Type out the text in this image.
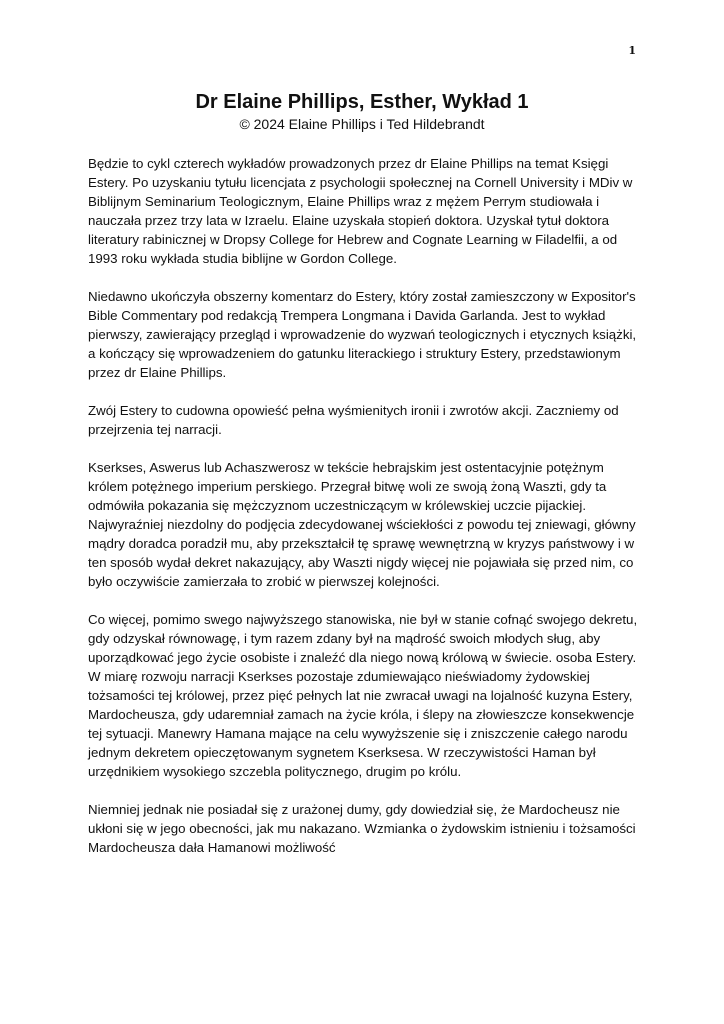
1
Dr Elaine Phillips, Esther, Wykład 1

© 2024 Elaine Phillips i Ted Hildebrandt

Będzie to cykl czterech wykładów prowadzonych przez dr Elaine Phillips na temat Księgi Estery. Po uzyskaniu tytułu licencjata z psychologii społecznej na Cornell University i MDiv w Biblijnym Seminarium Teologicznym, Elaine Phillips wraz z mężem Perrym studiowała i nauczała przez trzy lata w Izraelu. Elaine uzyskała stopień doktora. Uzyskał tytuł doktora literatury rabinicznej w Dropsy College for Hebrew and Cognate Learning w Filadelfii, a od 1993 roku wykłada studia biblijne w Gordon College.

Niedawno ukończyła obszerny komentarz do Estery, który został zamieszczony w Expositor's Bible Commentary pod redakcją Trempera Longmana i Davida Garlanda. Jest to wykład pierwszy, zawierający przegląd i wprowadzenie do wyzwań teologicznych i etycznych książki, a kończący się wprowadzeniem do gatunku literackiego i struktury Estery, przedstawionym przez dr Elaine Phillips.

Zwój Estery to cudowna opowieść pełna wyśmienitych ironii i zwrotów akcji. Zaczniemy od przejrzenia tej narracji.

Kserkses, Aswerus lub Achaszwerosz w tekście hebrajskim jest ostentacyjnie potężnym królem potężnego imperium perskiego. Przegrał bitwę woli ze swoją żoną Waszti, gdy ta odmówiła pokazania się mężczyznom uczestniczącym w królewskiej uczcie pijackiej. Najwyraźniej niezdolny do podjęcia zdecydowanej wściekłości z powodu tej zniewagi, główny mądry doradca poradził mu, aby przekształcił tę sprawę wewnętrzną w kryzys państwowy i w ten sposób wydał dekret nakazujący, aby Waszti nigdy więcej nie pojawiała się przed nim, co było oczywiście zamierzała to zrobić w pierwszej kolejności.

Co więcej, pomimo swego najwyższego stanowiska, nie był w stanie cofnąć swojego dekretu, gdy odzyskał równowagę, i tym razem zdany był na mądrość swoich młodych sług, aby uporządkować jego życie osobiste i znaleźć dla niego nową królową w świecie. osoba Estery. W miarę rozwoju narracji Kserkses pozostaje zdumiewająco nieświadomy żydowskiej tożsamości tej królowej, przez pięć pełnych lat nie zwracał uwagi na lojalność kuzyna Estery, Mardocheusza, gdy udaremniał zamach na życie króla, i ślepy na złowieszcze konsekwencje tej sytuacji. Manewry Hamana mające na celu wywyższenie się i zniszczenie całego narodu jednym dekretem opieczętowanym sygnetem Kserksesa. W rzeczywistości Haman był urzędnikiem wysokiego szczebla politycznego, drugim po królu.

Niemniej jednak nie posiadał się z urażonej dumy, gdy dowiedział się, że Mardocheusz nie ukłoni się w jego obecności, jak mu nakazano. Wzmianka o żydowskim istnieniu i tożsamości Mardocheusza dała Hamanowi możliwość
